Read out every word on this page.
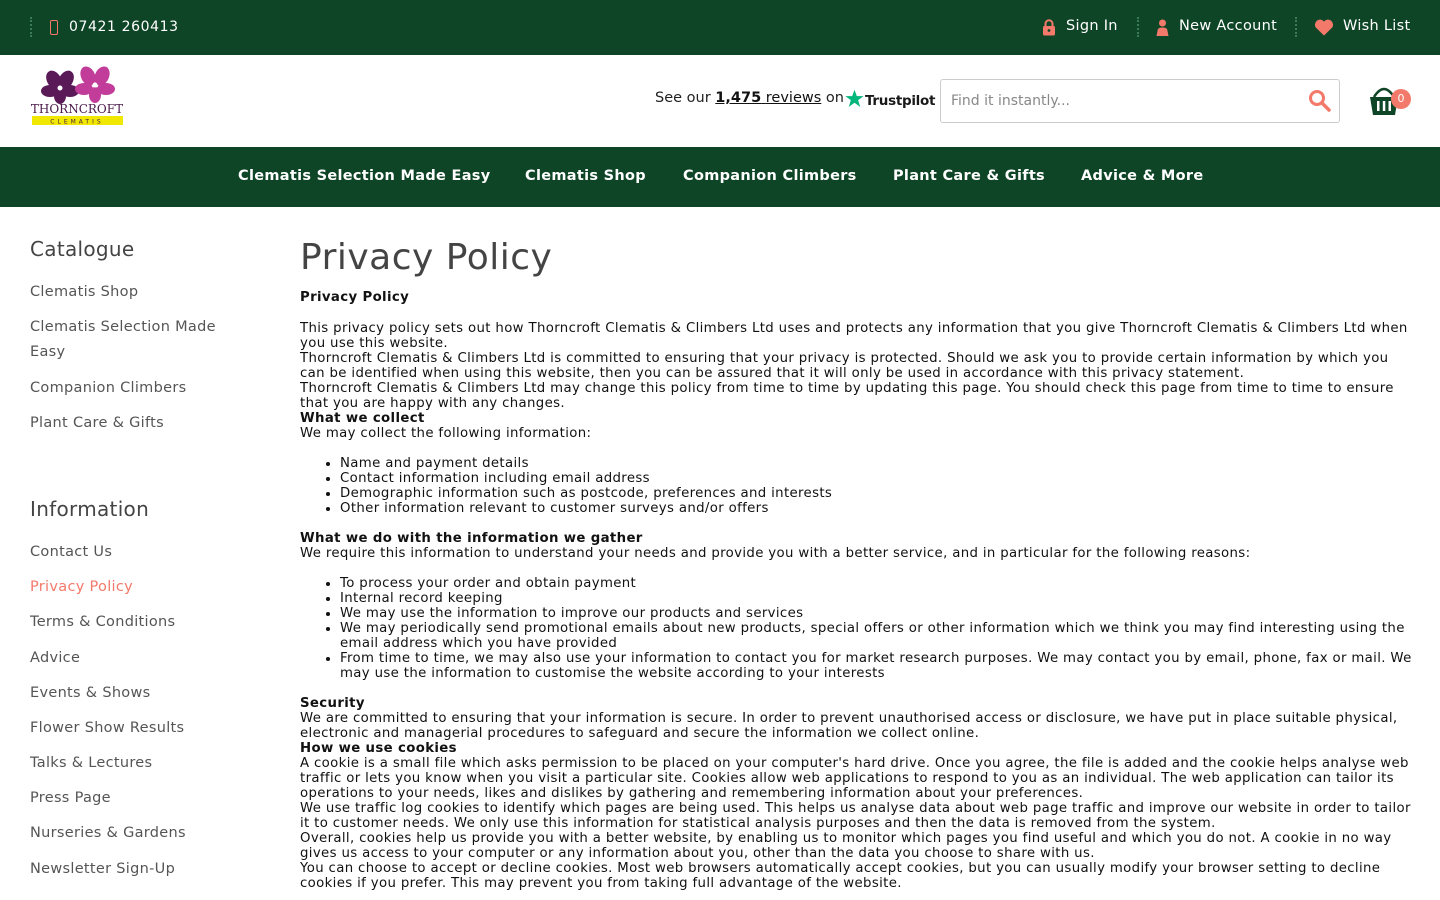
07421 260413	Sign In	New Account	Wish List
THORNCROFT
CLEMATIS
See our 1,475 reviews on Trustpilot
Find it instantly...	0
Clematis Selection Made Easy Clematis Shop	Companion Climbers	Plant Care & Gifts Advice & More
Catalogue
Clematis Shop
Clematis Selection Made Easy
Companion Climbers
Plant Care & Gifts
Information
Contact Us
Privacy Policy
Terms & Conditions
Advice
Events & Shows
Flower Show Results
Talks & Lectures
Press Page
Nurseries & Gardens
Newsletter Sign-Up
Privacy Policy

Privacy Policy

This privacy policy sets out how Thorncroft Clematis & Climbers Ltd uses and protects any information that you give Thorncroft Clematis & Climbers Ltd when you use this website.

Thorncroft Clematis & Climbers Ltd is committed to ensuring that your privacy is protected. Should we ask you to provide certain information by which you can be identified when using this website, then you can be assured that it will only be used in accordance with this privacy statement.

Thorncroft Clematis & Climbers Ltd may change this policy from time to time by updating this page. You should check this page from time to time to ensure that you are happy with any changes.

What we collect

We may collect the following information:

• Name and payment details
• Contact information including email address
• Demographic information such as postcode, preferences and interests
• Other information relevant to customer surveys and/or offers

What we do with the information we gather

We require this information to understand your needs and provide you with a better service, and in particular for the following reasons:

• To process your order and obtain payment
• Internal record keeping
• We may use the information to improve our products and services
• We may periodically send promotional emails about new products, special offers or other information which we think you may find interesting using the email address which you have provided
• From time to time, we may also use your information to contact you for market research purposes. We may contact you by email, phone, fax or mail. We may use the information to customise the website according to your interests

Security

We are committed to ensuring that your information is secure. In order to prevent unauthorised access or disclosure, we have put in place suitable physical, electronic and managerial procedures to safeguard and secure the information we collect online.

How we use cookies

A cookie is a small file which asks permission to be placed on your computer's hard drive. Once you agree, the file is added and the cookie helps analyse web traffic or lets you know when you visit a particular site. Cookies allow web applications to respond to you as an individual. The web application can tailor its operations to your needs, likes and dislikes by gathering and remembering information about your preferences.

We use traffic log cookies to identify which pages are being used. This helps us analyse data about web page traffic and improve our website in order to tailor it to customer needs. We only use this information for statistical analysis purposes and then the data is removed from the system.

Overall, cookies help us provide you with a better website, by enabling us to monitor which pages you find useful and which you do not. A cookie in no way gives us access to your computer or any information about you, other than the data you choose to share with us.

You can choose to accept or decline cookies. Most web browsers automatically accept cookies, but you can usually modify your browser setting to decline cookies if you prefer. This may prevent you from taking full advantage of the website.
